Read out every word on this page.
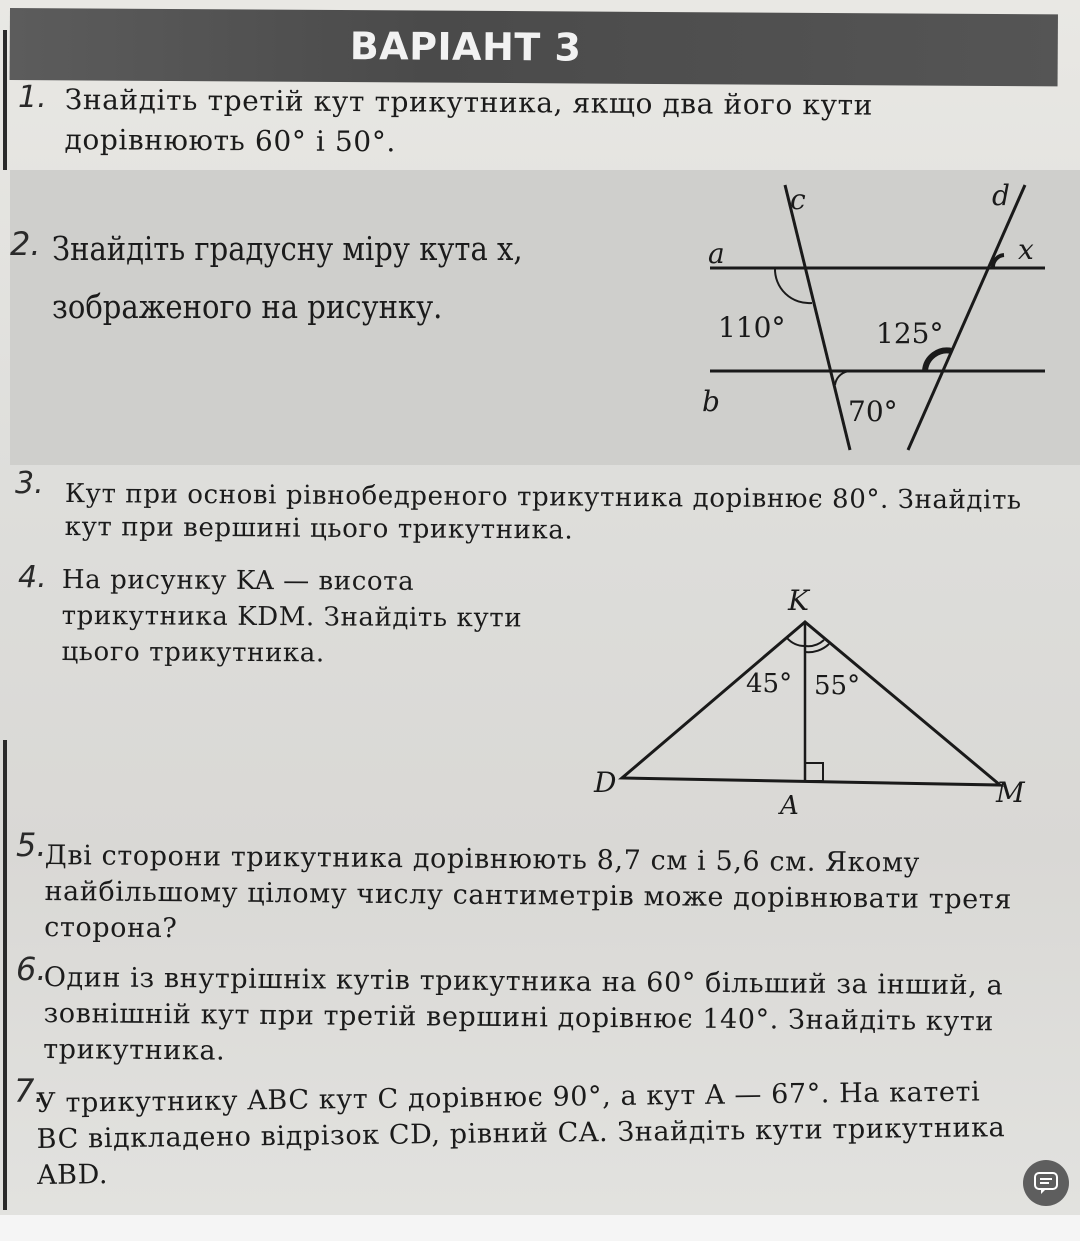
ВАРІАНТ 3
1. Знайдіть третій кут трикутника, якщо два його кути дорівнюють 60° і 50°.
2. Знайдіть градусну міру кута x, зображеного на рисунку.
a
b
c	d
x
110°	125°
70°
3. Кут при основі рівнобедреного трикутника дорівнює 80°. Знайдіть кут при вершині цього трикутника.
4. На рисунку KA — висота трикутника KDM. Знайдіть кути цього трикутника.
K
D	M
A
45° 55°
5.
Дві сторони трикутника дорівнюють 8,7 см і 5,6 см. Якому найбільшому цілому числу сантиметрів може дорівнювати третя сторона?
6.
Один із внутрішніх кутів трикутника на 60° більший за інший, а зовнішній кут при третій вершині дорівнює 140°. Знайдіть кути трикутника.
7.
У трикутнику ABC кут C дорівнює 90°, а кут A — 67°. На катеті BC відкладено відрізок CD, рівний CA. Знайдіть кути трикутника ABD.
